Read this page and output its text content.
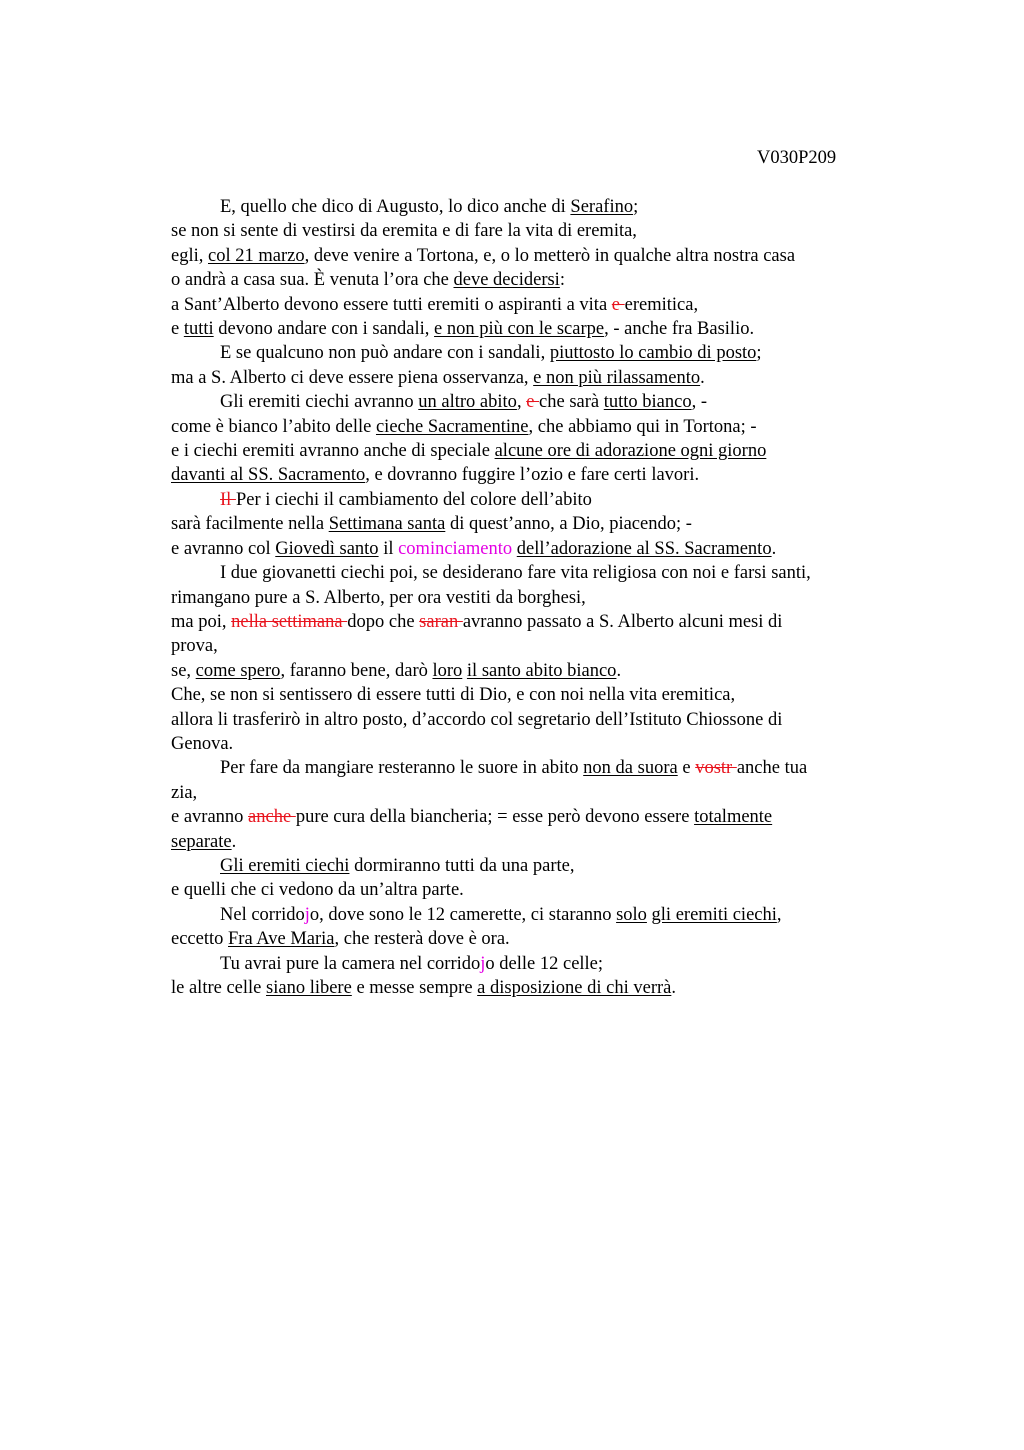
V030P209
E, quello che dico di Augusto, lo dico anche di Serafino;
se non si sente di vestirsi da eremita e di fare la vita di eremita,
egli, col 21 marzo, deve venire a Tortona, e, o lo metterò in qualche altra nostra casa
o andrà a casa sua. È venuta l’ora che deve decidersi:
a Sant’Alberto devono essere tutti eremiti o aspiranti a vita e eremitica,
e tutti devono andare con i sandali, e non più con le scarpe, - anche fra Basilio.
E se qualcuno non può andare con i sandali, piuttosto lo cambio di posto;
ma a S. Alberto ci deve essere piena osservanza, e non più rilassamento.
Gli eremiti ciechi avranno un altro abito, e che sarà tutto bianco, -
come è bianco l’abito delle cieche Sacramentine, che abbiamo qui in Tortona; -
e i ciechi eremiti avranno anche di speciale alcune ore di adorazione ogni giorno
davanti al SS. Sacramento, e dovranno fuggire l’ozio e fare certi lavori.
Il Per i ciechi il cambiamento del colore dell’abito
sarà facilmente nella Settimana santa di quest’anno, a Dio, piacendo; -
e avranno col Giovedì santo il cominciamento dell’adorazione al SS. Sacramento.
I due giovanetti ciechi poi, se desiderano fare vita religiosa con noi e farsi santi,
rimangano pure a S. Alberto, per ora vestiti da borghesi,
ma poi, nella settimana dopo che saran avranno passato a S. Alberto alcuni mesi di
prova,
se, come spero, faranno bene, darò loro il santo abito bianco.
Che, se non si sentissero di essere tutti di Dio, e con noi nella vita eremitica,
allora li trasferirò in altro posto, d’accordo col segretario dell’Istituto Chiossone di
Genova.
Per fare da mangiare resteranno le suore in abito non da suora e vostr anche tua
zia,
e avranno anche pure cura della biancheria; = esse però devono essere totalmente
separate.
Gli eremiti ciechi dormiranno tutti da una parte,
e quelli che ci vedono da un’altra parte.
Nel corridojo, dove sono le 12 camerette, ci staranno solo gli eremiti ciechi,
eccetto Fra Ave Maria, che resterà dove è ora.
Tu avrai pure la camera nel corridojo delle 12 celle;
le altre celle siano libere e messe sempre a disposizione di chi verrà.
